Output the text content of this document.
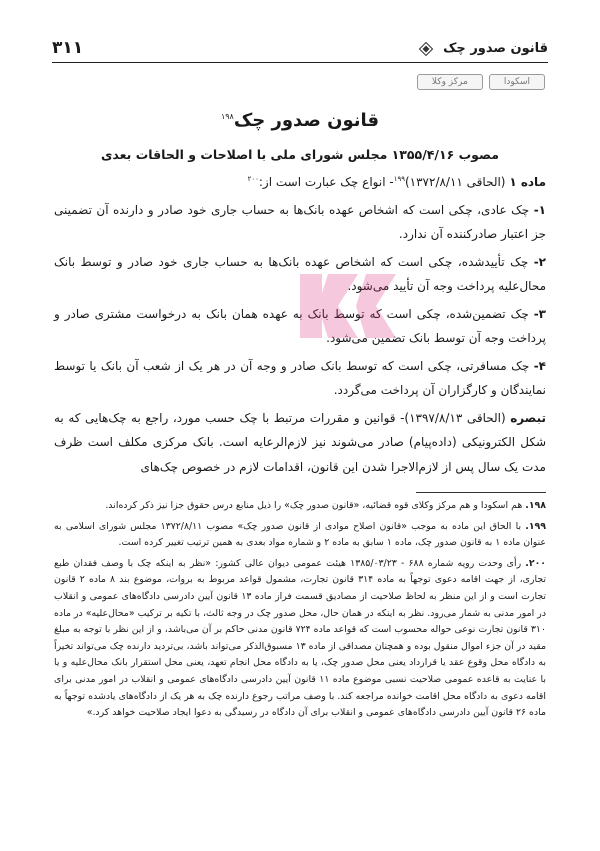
قانون صدور چک
۳۱۱
اسکودا
مرکز وکلا
قانون صدور چک$^{۱۹۸}$
مصوب ۱۳۵۵/۴/۱۶ مجلس شورای ملی با اصلاحات و الحاقات بعدی

ماده ۱ (الحاقی ۱۳۷۲/۸/۱۱)$^{۱۹۹}$- انواع چک عبارت است از:$^{۲۰۰}$

۱- چک عادی، چکی است که اشخاص عهده بانک‌ها به حساب جاری خود صادر و دارنده آن تضمینی جز اعتبار صادرکننده آن ندارد.

۲- چک تأییدشده، چکی است که اشخاص عهده بانک‌ها به حساب جاری خود صادر و توسط بانک محال‌علیه پرداخت وجه آن تأیید می‌شود.

۳- چک تضمین‌شده، چکی است که توسط بانک به عهده همان بانک به درخواست مشتری صادر و پرداخت وجه آن توسط بانک تضمین می‌شود.

۴- چک مسافرتی، چکی است که توسط بانک صادر و وجه آن در هر یک از شعب آن بانک یا توسط نمایندگان و کارگزاران آن پرداخت می‌گردد.

تبصره (الحاقی ۱۳۹۷/۸/۱۳)- قوانین و مقررات مرتبط با چک حسب مورد، راجع به چک‌هایی که به شکل الکترونیکی (داده‌پیام) صادر می‌شوند نیز لازم‌الرعایه است. بانک مرکزی مکلف است ظرف مدت یک سال پس از لازم‌الاجرا شدن این قانون، اقدامات لازم در خصوص چک‌های

۱۹۸. هم اسکودا و هم مرکز وکلای قوه قضائیه، «قانون صدور چک» را ذیل منابع درس حقوق جزا نیز ذکر کرده‌اند.

۱۹۹. با الحاق این ماده به موجب «قانون اصلاح موادی از قانون صدور چک» مصوب ۱۳۷۲/۸/۱۱ مجلس شورای اسلامی به عنوان ماده ۱ به قانون صدور چک، ماده ۱ سابق به ماده ۲ و شماره مواد بعدی به همین ترتیب تغییر کرده است.

۲۰۰. رأی وحدت رویه شماره ۶۸۸ - ۱۳۸۵/۰۳/۲۳ هیئت عمومی دیوان عالی کشور: «نظر به اینکه چک با وصف فقدان طبع تجاری، از جهت اقامه دعوی توجهاً به ماده ۳۱۴ قانون تجارت، مشمول قواعد مربوط به بروات، موضوع بند ۸ ماده ۲ قانون تجارت است و از این منظر به لحاظ صلاحیت از مصادیق قسمت فراز ماده ۱۳ قانون آیین دادرسی دادگاه‌های عمومی و انقلاب در امور مدنی به شمار می‌رود. نظر به اینکه در همان حال، محل صدور چک در وجه ثالث، با تکیه بر ترکیب «محال‌علیه» در ماده ۳۱۰ قانون تجارت نوعی حواله محسوب است که قواعد ماده ۷۲۴ قانون مدنی حاکم بر آن می‌باشد، و از این نظر با توجه به مبلغ مقید در آن جزء اموال منقول بوده و همچنان مصداقی از ماده ۱۳ مسبوق‌الذکر می‌تواند باشد، بی‌تردید دارنده چک می‌تواند تخیراً به دادگاه محل وقوع عقد یا قرارداد یعنی محل صدور چک، یا به دادگاه محل انجام تعهد، یعنی محل استقرار بانک محال‌علیه و یا با عنایت به قاعده عمومی صلاحیت نسبی موضوع ماده ۱۱ قانون آیین دادرسی دادگاه‌های عمومی و انقلاب در امور مدنی برای اقامه دعوی به دادگاه محل اقامت خوانده مراجعه کند. با وصف مراتب رجوع دارنده چک به هر یک از دادگاه‌های یادشده توجهاً به ماده ۲۶ قانون آیین دادرسی دادگاه‌های عمومی و انقلاب برای آن دادگاه در رسیدگی به دعوا ایجاد صلاحیت خواهد کرد.»
